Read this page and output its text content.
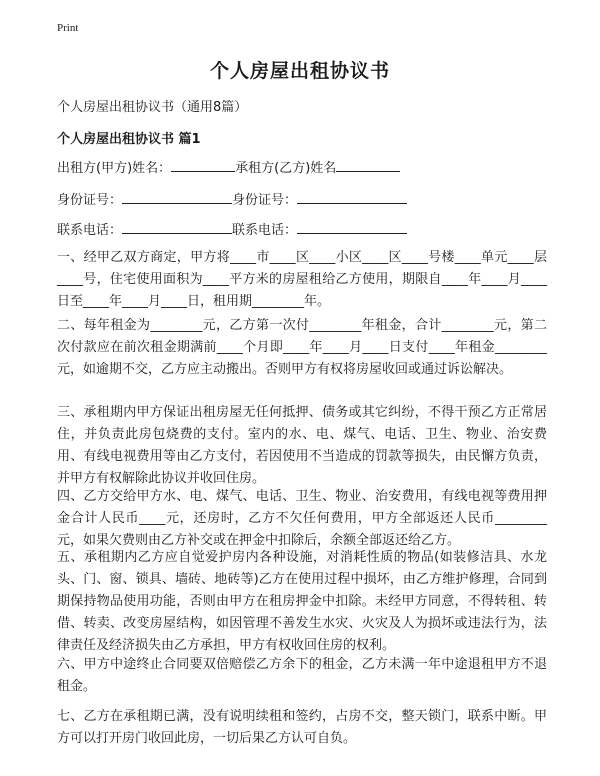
Print
个人房屋出租协议书
个人房屋出租协议书（通用8篇）
个人房屋出租协议书 篇1
出租方(甲方)姓名：	承租方(乙方)姓名
身份证号：	身份证号：
联系电话：	联系电话：
一、经甲乙双方商定，甲方将____市____区____小区____区____号楼____单元____层____号，住宅使用面积为____平方米的房屋租给乙方使用，期限自____年____月____日至____年____月____日，租用期________年。
二、每年租金为________元，乙方第一次付________年租金，合计________元，第二次付款应在前次租金期满前____个月即____年____月____日支付____年租金________元，如逾期不交，乙方应主动搬出。否则甲方有权将房屋收回或通过诉讼解决。
三、承租期内甲方保证出租房屋无任何抵押、债务或其它纠纷，不得干预乙方正常居住，并负责此房包烧费的支付。室内的水、电、煤气、电话、卫生、物业、治安费用、有线电视费用等由乙方支付，若因使用不当造成的罚款等损失，由民懈方负责，并甲方有权解除此协议并收回住房。
四、乙方交给甲方水、电、煤气、电话、卫生、物业、治安费用，有线电视等费用押金合计人民币____元，还房时，乙方不欠任何费用，甲方全部返还人民币________元，如果欠费则由乙方补交或在押金中扣除后，余额全部返还给乙方。
五、承租期内乙方应自觉爱护房内各种设施，对消耗性质的物品(如装修洁具、水龙头、门、窗、锁具、墙砖、地砖等)乙方在使用过程中损坏，由乙方维护修理，合同到期保持物品使用功能，否则由甲方在租房押金中扣除。未经甲方同意，不得转租、转借、转卖、改变房屋结构，如因管理不善发生水灾、火灾及人为损坏或违法行为，法律责任及经济损失由乙方承担，甲方有权收回住房的权利。
六、甲方中途终止合同要双倍赔偿乙方余下的租金，乙方未满一年中途退租甲方不退租金。
七、乙方在承租期已满，没有说明续租和签约，占房不交，整天锁门，联系中断。甲方可以打开房门收回此房，一切后果乙方认可自负。
